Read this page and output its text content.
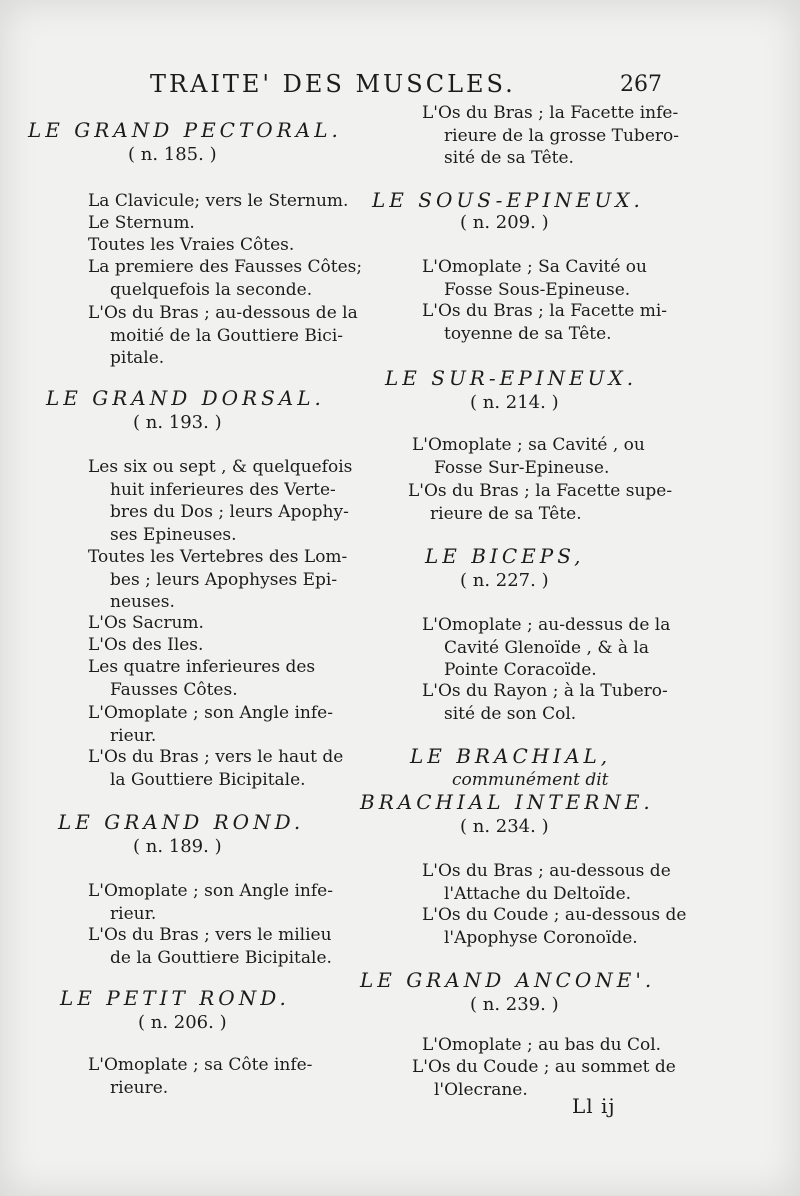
TRAITE' DES MUSCLES.	267
LE GRAND PECTORAL.
( n. 185. )
La Clavicule; vers le Sternum.
Le Sternum.
Toutes les Vraies Côtes.
La premiere des Fausses Côtes;
quelquefois la seconde.
L'Os du Bras ; au-dessous de la
moitié de la Gouttiere Bici-
pitale.
LE GRAND DORSAL.
( n. 193. )
Les six ou sept , & quelquefois
huit inferieures des Verte-
bres du Dos ; leurs Apophy-
ses Epineuses.
Toutes les Vertebres des Lom-
bes ; leurs Apophyses Epi-
neuses.
L'Os Sacrum.
L'Os des Iles.
Les quatre inferieures des
Fausses Côtes.
L'Omoplate ; son Angle infe-
rieur.
L'Os du Bras ; vers le haut de
la Gouttiere Bicipitale.
LE GRAND ROND.
( n. 189. )
L'Omoplate ; son Angle infe-
rieur.
L'Os du Bras ; vers le milieu
de la Gouttiere Bicipitale.
LE PETIT ROND.
( n. 206. )
L'Omoplate ; sa Côte infe-
rieure.
L'Os du Bras ; la Facette infe-
rieure de la grosse Tubero-
sité de sa Tête.
LE SOUS-EPINEUX.
( n. 209. )
L'Omoplate ; Sa Cavité ou
Fosse Sous-Epineuse.
L'Os du Bras ; la Facette mi-
toyenne de sa Tête.
LE SUR-EPINEUX.
( n. 214. )
L'Omoplate ; sa Cavité , ou
Fosse Sur-Epineuse.
L'Os du Bras ; la Facette supe-
rieure de sa Tête.
LE BICEPS,
( n. 227. )
L'Omoplate ; au-dessus de la
Cavité Glenoïde , & à la
Pointe Coracoïde.
L'Os du Rayon ; à la Tubero-
sité de son Col.
LE BRACHIAL,
communément dit
BRACHIAL INTERNE.
( n. 234. )
L'Os du Bras ; au-dessous de
l'Attache du Deltoïde.
L'Os du Coude ; au-dessous de
l'Apophyse Coronoïde.
LE GRAND ANCONE'.
( n. 239. )
L'Omoplate ; au bas du Col.
L'Os du Coude ; au sommet de
l'Olecrane.
Ll ij
